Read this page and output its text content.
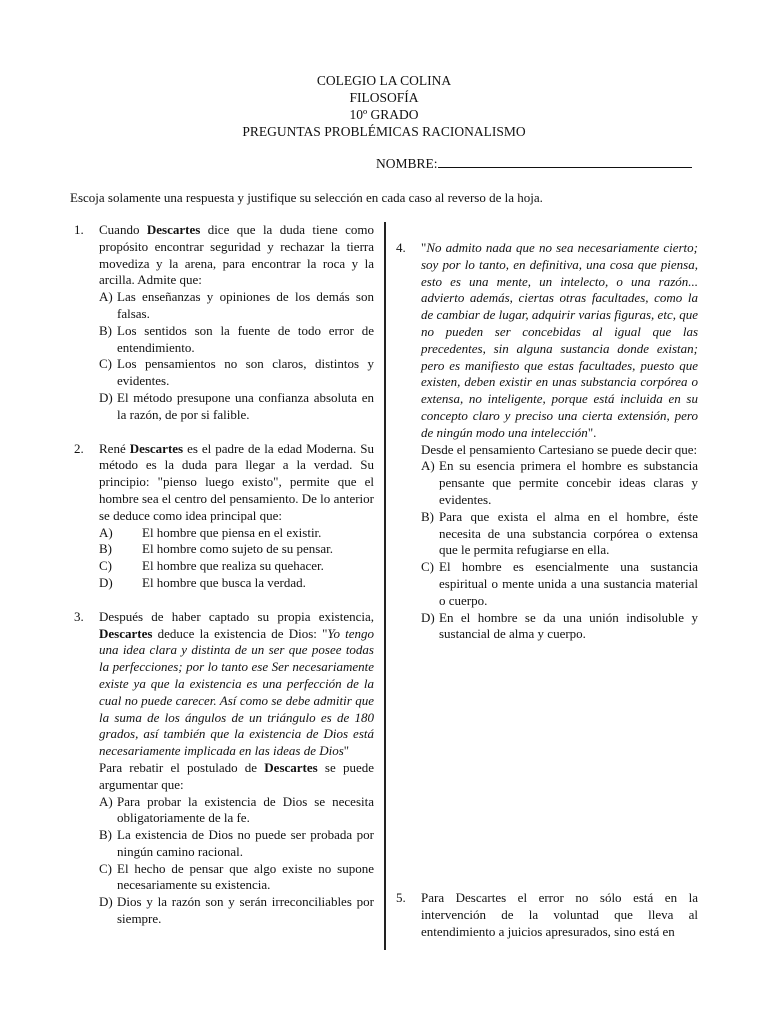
COLEGIO LA COLINA
FILOSOFÍA
10º GRADO
PREGUNTAS PROBLÉMICAS RACIONALISMO
NOMBRE:
Escoja solamente una respuesta y justifique su selección en cada caso al reverso de la hoja.
1. Cuando Descartes dice que la duda tiene como propósito encontrar seguridad y rechazar la tierra movediza y la arena, para encontrar la roca y la arcilla. Admite que:

A) Las enseñanzas y opiniones de los demás son falsas.
B) Los sentidos son la fuente de todo error de entendimiento.
C) Los pensamientos no son claros, distintos y evidentes.
D) El método presupone una confianza absoluta en la razón, de por si falible.
2. René Descartes es el padre de la edad Moderna. Su método es la duda para llegar a la verdad. Su principio: "pienso luego existo", permite que el hombre sea el centro del pensamiento. De lo anterior se deduce como idea principal que:

A) El hombre que piensa en el existir.
B) El hombre como sujeto de su pensar.
C) El hombre que realiza su quehacer.
D) El hombre que busca la verdad.
3. Después de haber captado su propia existencia, Descartes deduce la existencia de Dios: "Yo tengo una idea clara y distinta de un ser que posee todas la perfecciones; por lo tanto ese Ser necesariamente existe ya que la existencia es una perfección de la cual no puede carecer. Así como se debe admitir que la suma de los ángulos de un triángulo es de 180 grados, así también que la existencia de Dios está necesariamente implicada en las ideas de Dios"

Para rebatir el postulado de Descartes se puede argumentar que:

A) Para probar la existencia de Dios se necesita obligatoriamente de la fe.
B) La existencia de Dios no puede ser probada por ningún camino racional.
C) El hecho de pensar que algo existe no supone necesariamente su existencia.
D) Dios y la razón son y serán irreconciliables por siempre.
4. "No admito nada que no sea necesariamente cierto; soy por lo tanto, en definitiva, una cosa que piensa, esto es una mente, un intelecto, o una razón... advierto además, ciertas otras facultades, como la de cambiar de lugar, adquirir varias figuras, etc, que no pueden ser concebidas al igual que las precedentes, sin alguna sustancia donde existan; pero es manifiesto que estas facultades, puesto que existen, deben existir en unas substancia corpórea o extensa, no inteligente, porque está incluida en su concepto claro y preciso una cierta extensión, pero de ningún modo una intelección".

Desde el pensamiento Cartesiano se puede decir que:

A) En su esencia primera el hombre es substancia pensante que permite concebir ideas claras y evidentes.
B) Para que exista el alma en el hombre, éste necesita de una substancia corpórea o extensa que le permita refugiarse en ella.
C) El hombre es esencialmente una sustancia espiritual o mente unida a una sustancia material o cuerpo.
D) En el hombre se da una unión indisoluble y sustancial de alma y cuerpo.
5. Para Descartes el error no sólo está en la intervención de la voluntad que lleva al entendimiento a juicios apresurados, sino está en
